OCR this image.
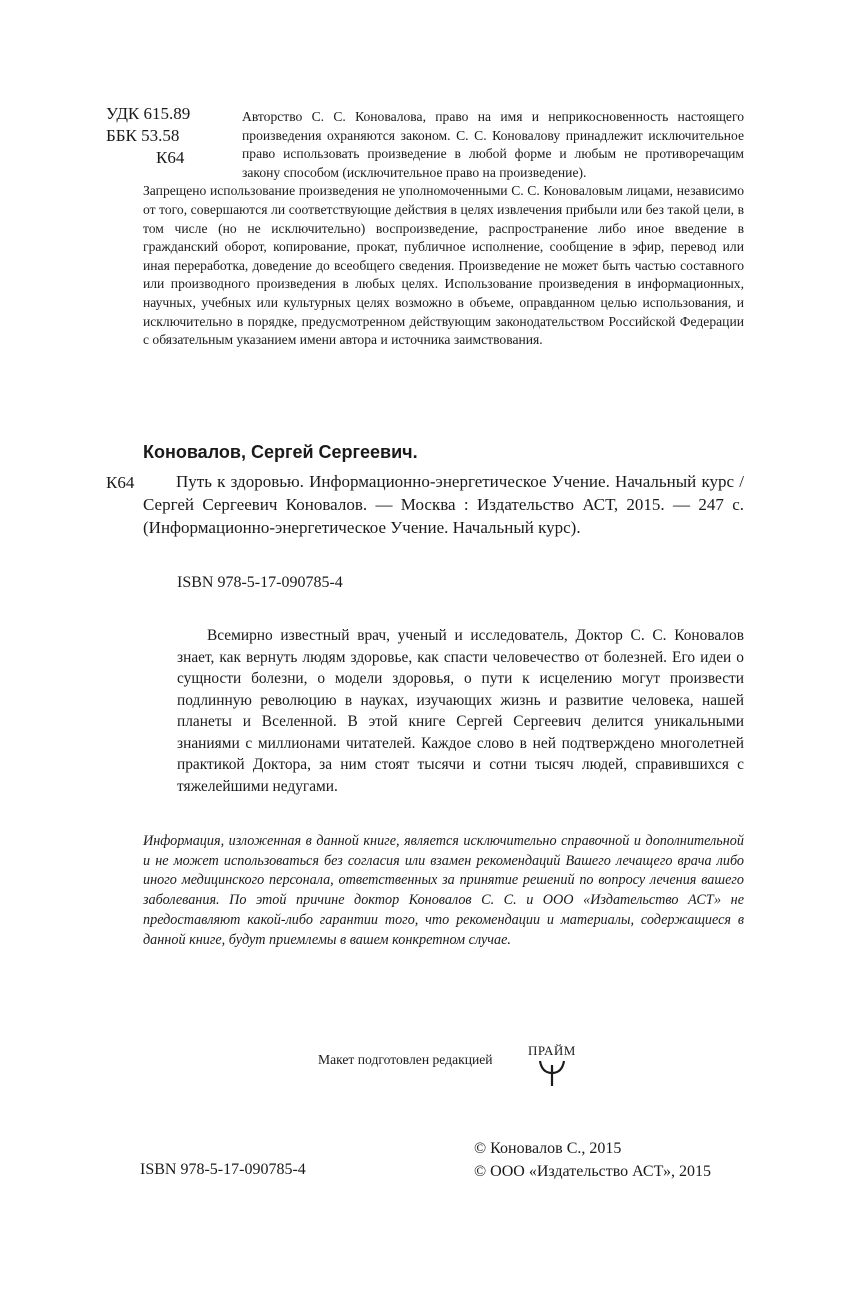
УДК 615.89
ББК 53.58
К64
Авторство С. С. Коновалова, право на имя и неприкосновенность настоящего произведения охраняются законом. С. С. Коновалову принадлежит исключительное право использовать произведение в любой форме и любым не противоречащим закону способом (исключительное право на произведение).
Запрещено использование произведения не уполномоченными С. С. Коноваловым лицами, независимо от того, совершаются ли соответствующие действия в целях извлечения прибыли или без такой цели, в том числе (но не исключительно) воспроизведение, распространение либо иное введение в гражданский оборот, копирование, прокат, публичное исполнение, сообщение в эфир, перевод или иная переработка, доведение до всеобщего сведения. Произведение не может быть частью составного или производного произведения в любых целях. Использование произведения в информационных, научных, учебных или культурных целях возможно в объеме, оправданном целью использования, и исключительно в порядке, предусмотренном действующим законодательством Российской Федерации с обязательным указанием имени автора и источника заимствования.
Коновалов, Сергей Сергеевич.
К64	Путь к здоровью. Информационно-энергетическое Учение. Начальный курс / Сергей Сергеевич Коновалов. — Москва : Издательство АСТ, 2015. — 247 с. (Информационно-энергетическое Учение. Начальный курс).
ISBN 978-5-17-090785-4
Всемирно известный врач, ученый и исследователь, Доктор С. С. Коновалов знает, как вернуть людям здоровье, как спасти человечество от болезней. Его идеи о сущности болезни, о модели здоровья, о пути к исцелению могут произвести подлинную революцию в науках, изучающих жизнь и развитие человека, нашей планеты и Вселенной. В этой книге Сергей Сергеевич делится уникальными знаниями с миллионами читателей. Каждое слово в ней подтверждено многолетней практикой Доктора, за ним стоят тысячи и сотни тысяч людей, справившихся с тяжелейшими недугами.
Информация, изложенная в данной книге, является исключительно справочной и дополнительной и не может использоваться без согласия или взамен рекомендаций Вашего лечащего врача либо иного медицинского персонала, ответственных за принятие решений по вопросу лечения вашего заболевания. По этой причине доктор Коновалов С. С. и ООО «Издательство АСТ» не предоставляют какой-либо гарантии того, что рекомендации и материалы, содержащиеся в данной книге, будут приемлемы в вашем конкретном случае.
Макет подготовлен редакцией
ПРАЙМ
ISBN 978-5-17-090785-4
© Коновалов С., 2015
© ООО «Издательство АСТ», 2015
